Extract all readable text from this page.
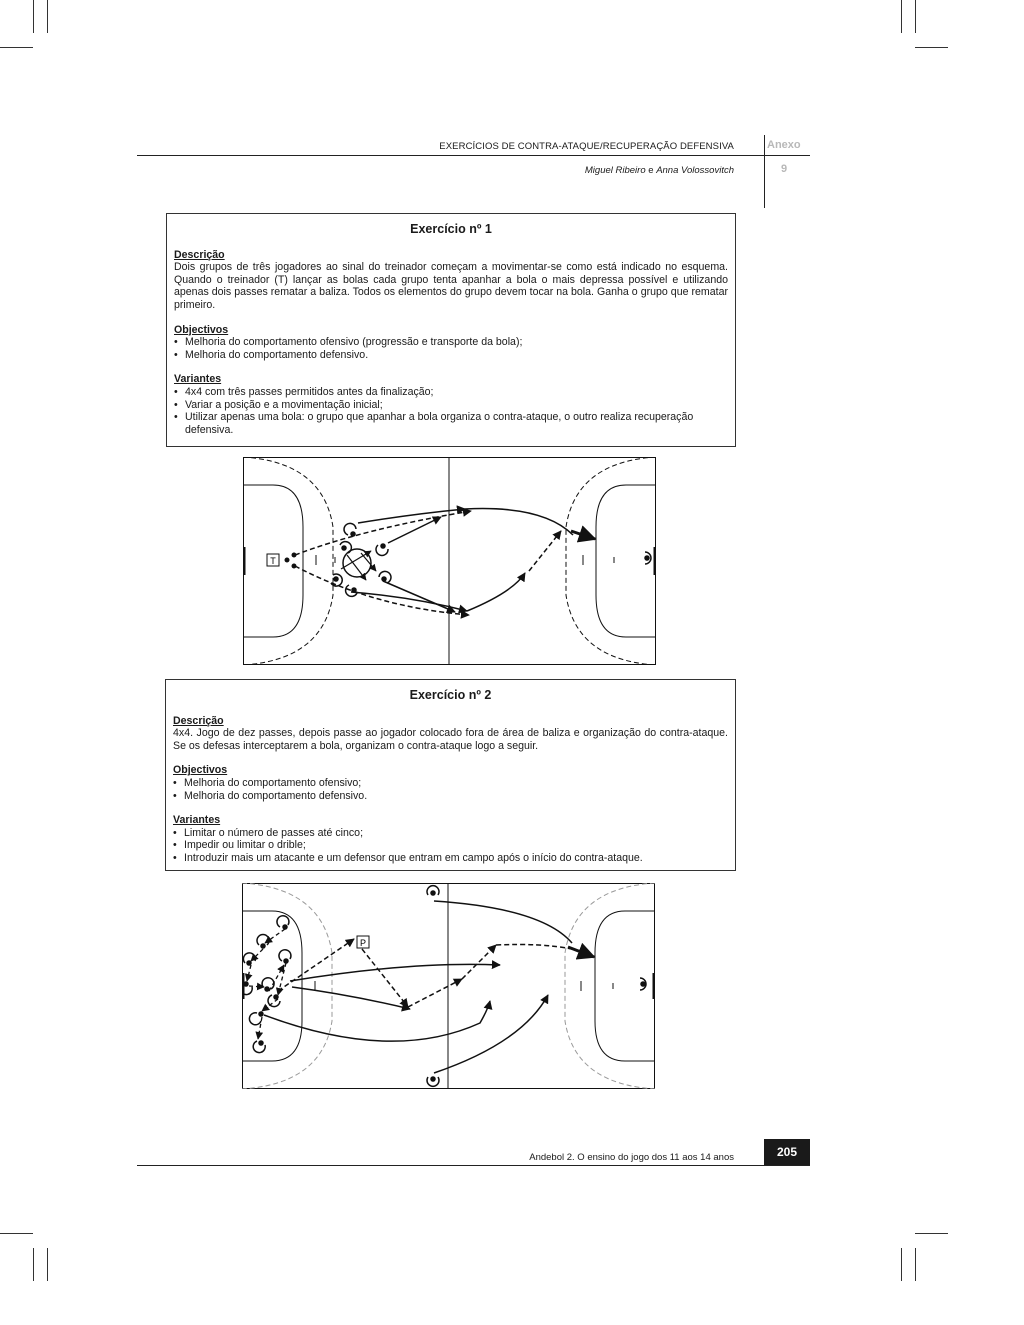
EXERCÍCIOS DE CONTRA-ATAQUE/RECUPERAÇÃO DEFENSIVA
Miguel Ribeiro e Anna Volossovitch
Anexo
9
Exercício nº 1
Descrição

Dois grupos de três jogadores ao sinal do treinador começam a movimentar-se como está indicado no esquema. Quando o treinador (T) lançar as bolas cada grupo tenta apanhar a bola o mais depressa possível e utilizando apenas dois passes rematar a baliza. Todos os elementos do grupo devem tocar na bola. Ganha o grupo que rematar primeiro.

Objectivos
• Melhoria do comportamento ofensivo (progressão e transporte da bola);
• Melhoria do comportamento defensivo.
Variantes
• 4x4 com três passes permitidos antes da finalização;
• Variar a posição e a movimentação inicial;
• Utilizar apenas uma bola: o grupo que apanhar a bola organiza o contra-ataque, o outro realiza recuperação defensiva.
T
Exercício nº 2
Descrição

4x4. Jogo de dez passes, depois passe ao jogador colocado fora de área de baliza e organização do contra-ataque. Se os defesas interceptarem a bola, organizam o contra-ataque logo a seguir.

Objectivos
• Melhoria do comportamento ofensivo;
• Melhoria do comportamento defensivo.
Variantes
• Limitar o número de passes até cinco;
• Impedir ou limitar o drible;
• Introduzir mais um atacante e um defensor que entram em campo após o início do contra-ataque.
P
Andebol 2. O ensino do jogo dos 11 aos 14 anos	205
